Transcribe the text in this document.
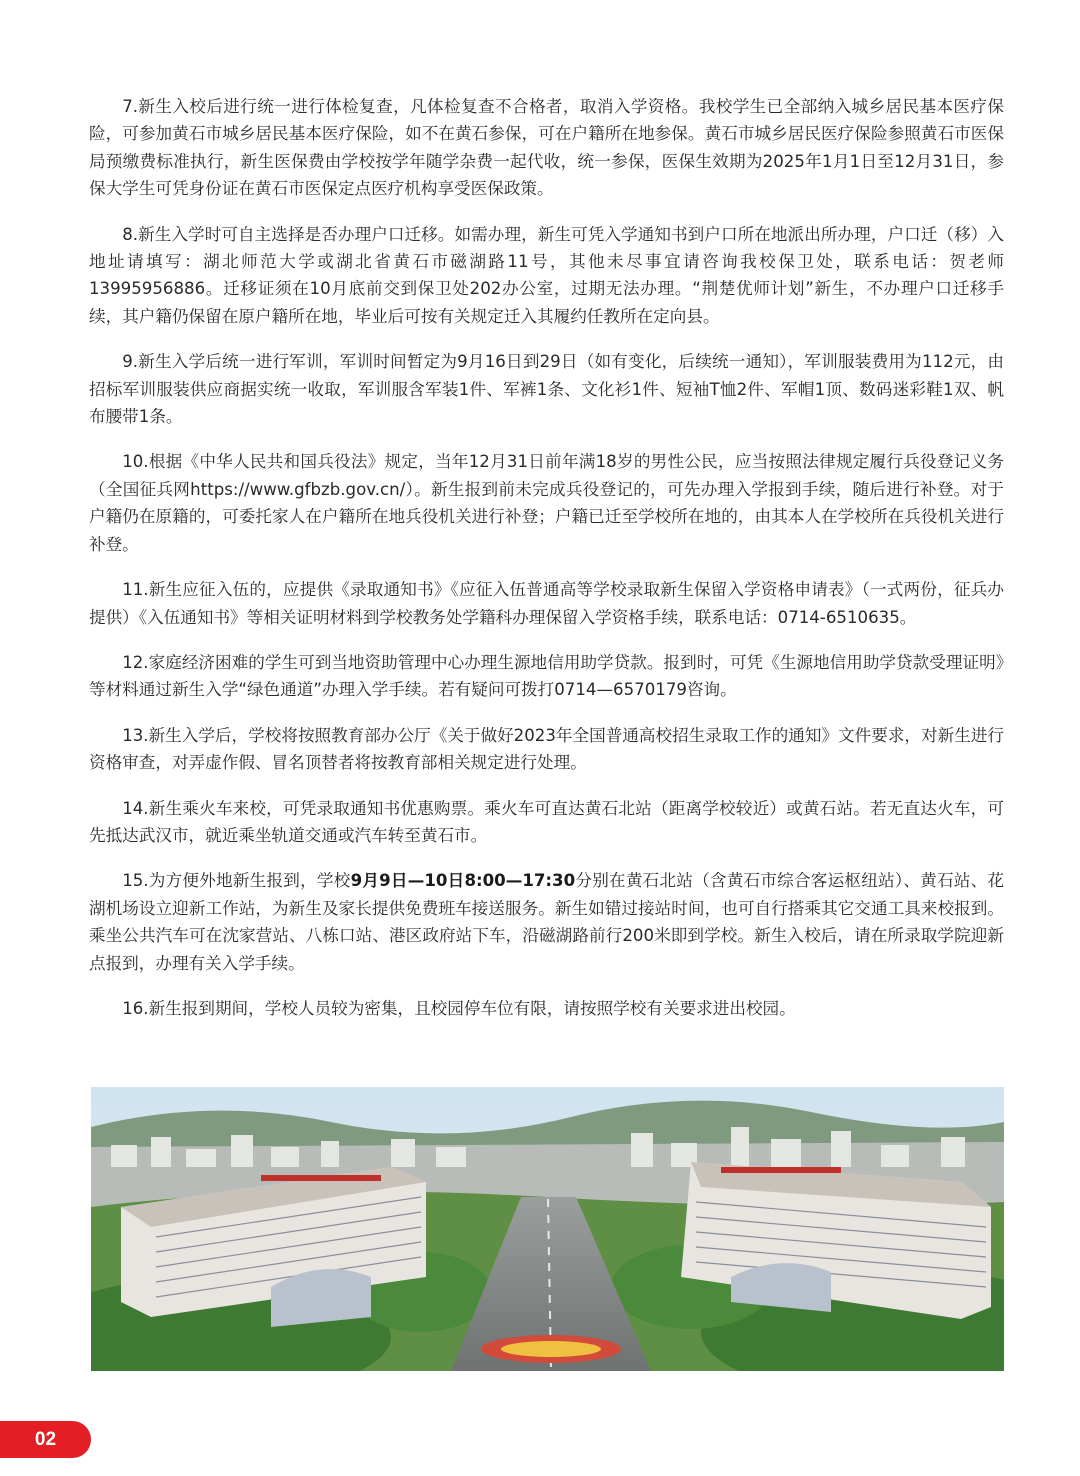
7.新生入校后进行统一进行体检复查，凡体检复查不合格者，取消入学资格。我校学生已全部纳入城乡居民基本医疗保险，可参加黄石市城乡居民基本医疗保险，如不在黄石参保，可在户籍所在地参保。黄石市城乡居民医疗保险参照黄石市医保局预缴费标准执行，新生医保费由学校按学年随学杂费一起代收，统一参保，医保生效期为2025年1月1日至12月31日，参保大学生可凭身份证在黄石市医保定点医疗机构享受医保政策。

8.新生入学时可自主选择是否办理户口迁移。如需办理，新生可凭入学通知书到户口所在地派出所办理，户口迁（移）入地址请填写：湖北师范大学或湖北省黄石市磁湖路11号，其他未尽事宜请咨询我校保卫处，联系电话：贺老师13995956886。迁移证须在10月底前交到保卫处202办公室，过期无法办理。“荆楚优师计划”新生，不办理户口迁移手续，其户籍仍保留在原户籍所在地，毕业后可按有关规定迁入其履约任教所在定向县。

9.新生入学后统一进行军训，军训时间暂定为9月16日到29日（如有变化，后续统一通知），军训服装费用为112元，由招标军训服装供应商据实统一收取，军训服含军装1件、军裤1条、文化衫1件、短袖T恤2件、军帽1顶、数码迷彩鞋1双、帆布腰带1条。

10.根据《中华人民共和国兵役法》规定，当年12月31日前年满18岁的男性公民，应当按照法律规定履行兵役登记义务（全国征兵网https://www.gfbzb.gov.cn/）。新生报到前未完成兵役登记的，可先办理入学报到手续，随后进行补登。对于户籍仍在原籍的，可委托家人在户籍所在地兵役机关进行补登；户籍已迁至学校所在地的，由其本人在学校所在兵役机关进行补登。

11.新生应征入伍的，应提供《录取通知书》《应征入伍普通高等学校录取新生保留入学资格申请表》（一式两份，征兵办提供）《入伍通知书》等相关证明材料到学校教务处学籍科办理保留入学资格手续，联系电话：0714-6510635。

12.家庭经济困难的学生可到当地资助管理中心办理生源地信用助学贷款。报到时，可凭《生源地信用助学贷款受理证明》等材料通过新生入学“绿色通道”办理入学手续。若有疑问可拨打0714—6570179咨询。

13.新生入学后，学校将按照教育部办公厅《关于做好2023年全国普通高校招生录取工作的通知》文件要求，对新生进行资格审查，对弄虚作假、冒名顶替者将按教育部相关规定进行处理。

14.新生乘火车来校，可凭录取通知书优惠购票。乘火车可直达黄石北站（距离学校较近）或黄石站。若无直达火车，可先抵达武汉市，就近乘坐轨道交通或汽车转至黄石市。

15.为方便外地新生报到，学校9月9日—10日8:00—17:30分别在黄石北站（含黄石市综合客运枢纽站）、黄石站、花湖机场设立迎新工作站，为新生及家长提供免费班车接送服务。新生如错过接站时间，也可自行搭乘其它交通工具来校报到。乘坐公共汽车可在沈家营站、八栋口站、港区政府站下车，沿磁湖路前行200米即到学校。新生入校后，请在所录取学院迎新点报到，办理有关入学手续。

16.新生报到期间，学校人员较为密集，且校园停车位有限，请按照学校有关要求进出校园。

02
